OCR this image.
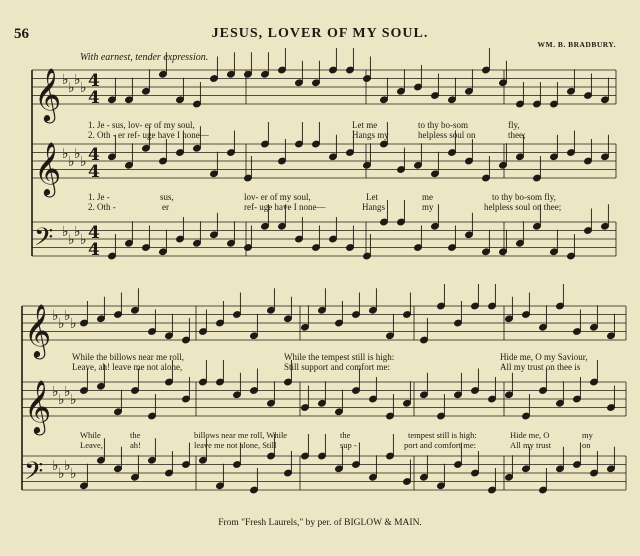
𝄞 ♭ ♭ ♭ ♭ 4
4
𝄞 ♭ ♭ ♭ ♭ 4
4
𝄢 ♭ ♭ ♭ ♭ 4
4
𝄞 ♭ ♭ ♭ ♭
𝄞 ♭ ♭ ♭ ♭
𝄢 ♭ ♭ ♭ ♭
56	JESUS, LOVER OF MY SOUL.
WM. B. BRADBURY.
With earnest, tender expression.
1. Je - sus, lov- er of my soul,
2. Oth - er ref- uge have I none—
Let me
Hangs my
to thy bo-som
helpless soul on
fly,
thee;
1. Je -
2. Oth -
sus,
er
lov- er of my soul,
ref- uge have I none—
Let
Hangs
me
my
to thy bo-som fly,
helpless soul on thee;
While the billows near me roll,
Leave, ah! leave me not alone,
While the tempest still is high:
Still support and comfort me:
Hide me, O my Saviour,
All my trust on thee is
While
Leave,
the
ah!
billows near me roll, While
leave me not alone, Still
the
sup -
tempest still is high:
port and comfort me:
Hide me, O
All my trust
my
on
From "Fresh Laurels," by per. of BIGLOW & MAIN.
